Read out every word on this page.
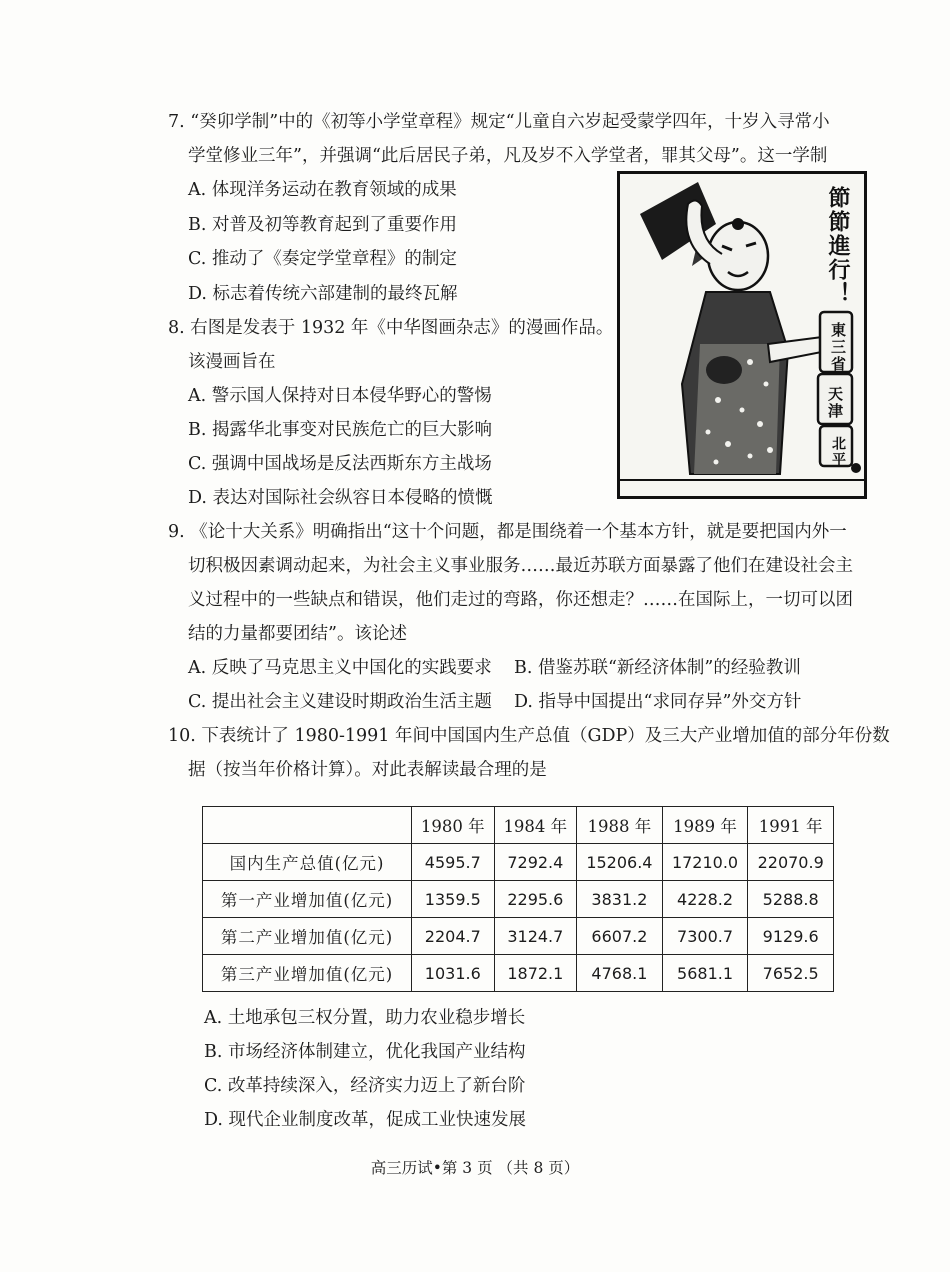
7. “癸卯学制”中的《初等小学堂章程》规定“儿童自六岁起受蒙学四年，十岁入寻常小
学堂修业三年”，并强调“此后居民子弟，凡及岁不入学堂者，罪其父母”。这一学制
A. 体现洋务运动在教育领域的成果
B. 对普及初等教育起到了重要作用
C. 推动了《奏定学堂章程》的制定
D. 标志着传统六部建制的最终瓦解
8. 右图是发表于 1932 年《中华图画杂志》的漫画作品。
该漫画旨在
A. 警示国人保持对日本侵华野心的警惕
B. 揭露华北事变对民族危亡的巨大影响
C. 强调中国战场是反法西斯东方主战场
D. 表达对国际社会纵容日本侵略的愤慨
節節進行！
東三省
天津
北平
9. 《论十大关系》明确指出“这十个问题，都是围绕着一个基本方针，就是要把国内外一
切积极因素调动起来，为社会主义事业服务……最近苏联方面暴露了他们在建设社会主
义过程中的一些缺点和错误，他们走过的弯路，你还想走？……在国际上，一切可以团
结的力量都要团结”。该论述
A. 反映了马克思主义中国化的实践要求 B. 借鉴苏联“新经济体制”的经验教训
C. 提出社会主义建设时期政治生活主题 D. 指导中国提出“求同存异”外交方针
10. 下表统计了 1980-1991 年间中国国内生产总值（GDP）及三大产业增加值的部分年份数
据（按当年价格计算）。对此表解读最合理的是
	1980 年	1984 年	1988 年	1989 年	1991 年
国内生产总值(亿元)	4595.7	7292.4	15206.4	17210.0	22070.9
第一产业增加值(亿元)	1359.5	2295.6	3831.2	4228.2	5288.8
第二产业增加值(亿元)	2204.7	3124.7	6607.2	7300.7	9129.6
第三产业增加值(亿元)	1031.6	1872.1	4768.1	5681.1	7652.5
A. 土地承包三权分置，助力农业稳步增长
B. 市场经济体制建立，优化我国产业结构
C. 改革持续深入，经济实力迈上了新台阶
D. 现代企业制度改革，促成工业快速发展
高三历试•第 3 页 （共 8 页）
